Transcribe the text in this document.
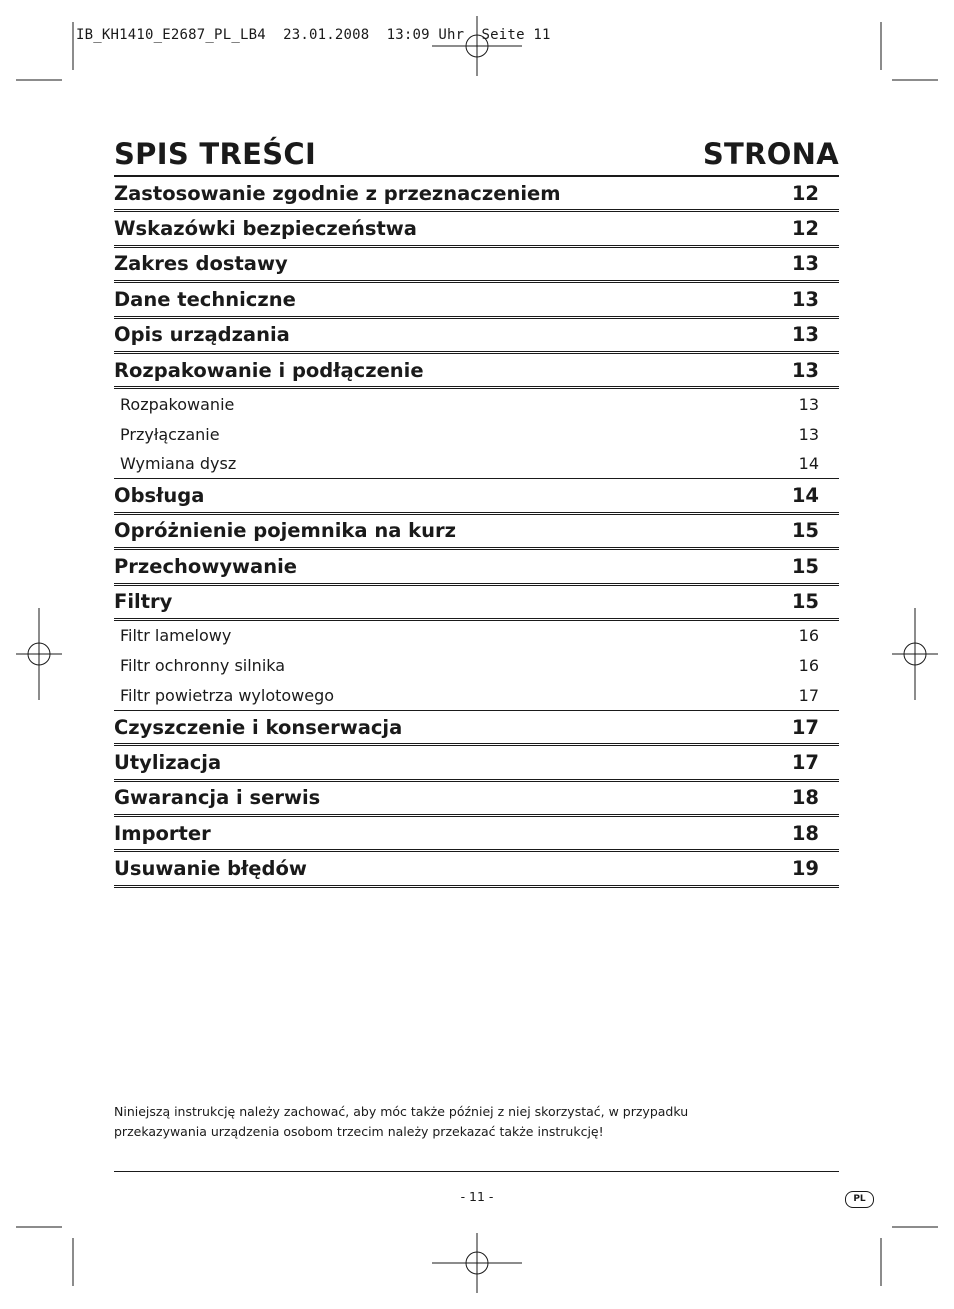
IB_KH1410_E2687_PL_LB4  23.01.2008  13:09 Uhr  Seite 11
SPIS TREŚCI	STRONA
Zastosowanie zgodnie z przeznaczeniem	12
Wskazówki bezpieczeństwa	12
Zakres dostawy	13
Dane techniczne	13
Opis urządzania	13
Rozpakowanie i podłączenie	13
Rozpakowanie	13
Przyłączanie	13
Wymiana dysz	14
Obsługa	14
Opróżnienie pojemnika na kurz	15
Przechowywanie	15
Filtry	15
Filtr lamelowy	16
Filtr ochronny silnika	16
Filtr powietrza wylotowego	17
Czyszczenie i konserwacja	17
Utylizacja	17
Gwarancja i serwis	18
Importer	18
Usuwanie błędów	19
Niniejszą instrukcję należy zachować, aby móc także później z niej skorzystać, w przypadku
przekazywania urządzenia osobom trzecim należy przekazać także instrukcję!
- 11 -	PL
